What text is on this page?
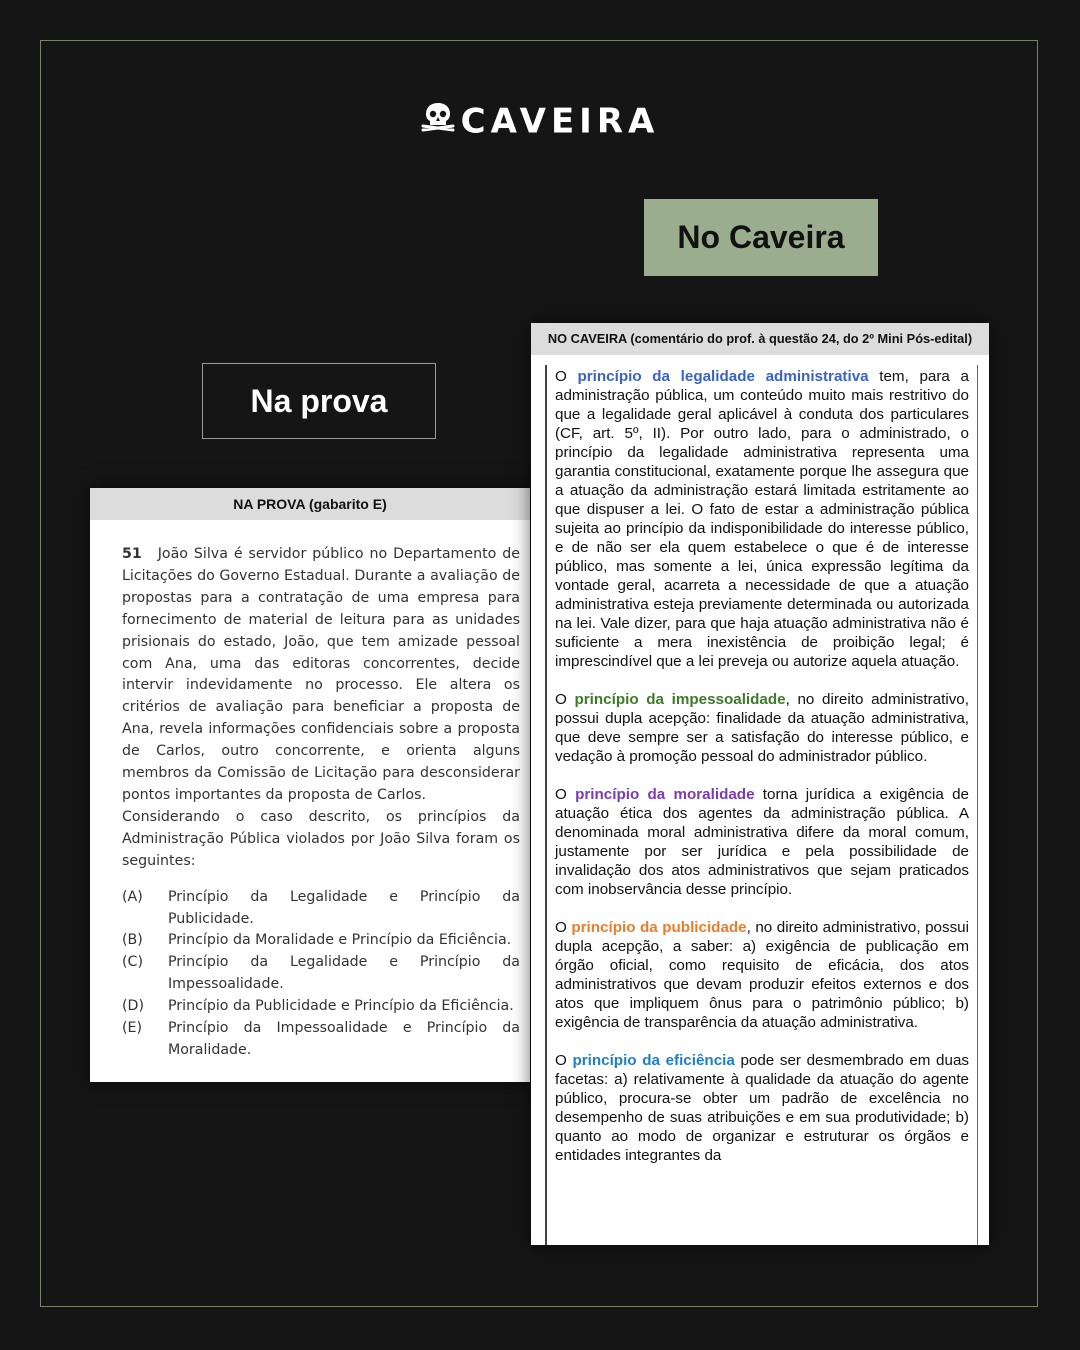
CAVEIRA
No Caveira
Na prova
NA PROVA (gabarito E)

51 João Silva é servidor público no Departamento de Licitações do Governo Estadual. Durante a avaliação de propostas para a contratação de uma empresa para fornecimento de material de leitura para as unidades prisionais do estado, João, que tem amizade pessoal com Ana, uma das editoras concorrentes, decide intervir indevidamente no processo. Ele altera os critérios de avaliação para beneficiar a proposta de Ana, revela informações confidenciais sobre a proposta de Carlos, outro concorrente, e orienta alguns membros da Comissão de Licitação para desconsiderar pontos importantes da proposta de Carlos.

Considerando o caso descrito, os princípios da Administração Pública violados por João Silva foram os seguintes:

(A)	Princípio da Legalidade e Princípio da Publicidade.
(B)	Princípio da Moralidade e Princípio da Eficiência.
(C)	Princípio da Legalidade e Princípio da Impessoalidade.
(D)	Princípio da Publicidade e Princípio da Eficiência.
(E)	Princípio da Impessoalidade e Princípio da Moralidade.
NO CAVEIRA (comentário do prof. à questão 24, do 2º Mini Pós-edital)

O princípio da legalidade administrativa tem, para a administração pública, um conteúdo muito mais restritivo do que a legalidade geral aplicável à conduta dos particulares (CF, art. 5º, II). Por outro lado, para o administrado, o princípio da legalidade administrativa representa uma garantia constitucional, exatamente porque lhe assegura que a atuação da administração estará limitada estritamente ao que dispuser a lei. O fato de estar a administração pública sujeita ao princípio da indisponibilidade do interesse público, e de não ser ela quem estabelece o que é de interesse público, mas somente a lei, única expressão legítima da vontade geral, acarreta a necessidade de que a atuação administrativa esteja previamente determinada ou autorizada na lei. Vale dizer, para que haja atuação administrativa não é suficiente a mera inexistência de proibição legal; é imprescindível que a lei preveja ou autorize aquela atuação.

O princípio da impessoalidade, no direito administrativo, possui dupla acepção: finalidade da atuação administrativa, que deve sempre ser a satisfação do interesse público, e vedação à promoção pessoal do administrador público.

O princípio da moralidade torna jurídica a exigência de atuação ética dos agentes da administração pública. A denominada moral administrativa difere da moral comum, justamente por ser jurídica e pela possibilidade de invalidação dos atos administrativos que sejam praticados com inobservância desse princípio.

O princípio da publicidade, no direito administrativo, possui dupla acepção, a saber: a) exigência de publicação em órgão oficial, como requisito de eficácia, dos atos administrativos que devam produzir efeitos externos e dos atos que impliquem ônus para o patrimônio público; b) exigência de transparência da atuação administrativa.

O princípio da eficiência pode ser desmembrado em duas facetas: a) relativamente à qualidade da atuação do agente público, procura-se obter um padrão de excelência no desempenho de suas atribuições e em sua produtividade; b) quanto ao modo de organizar e estruturar os órgãos e entidades integrantes da
